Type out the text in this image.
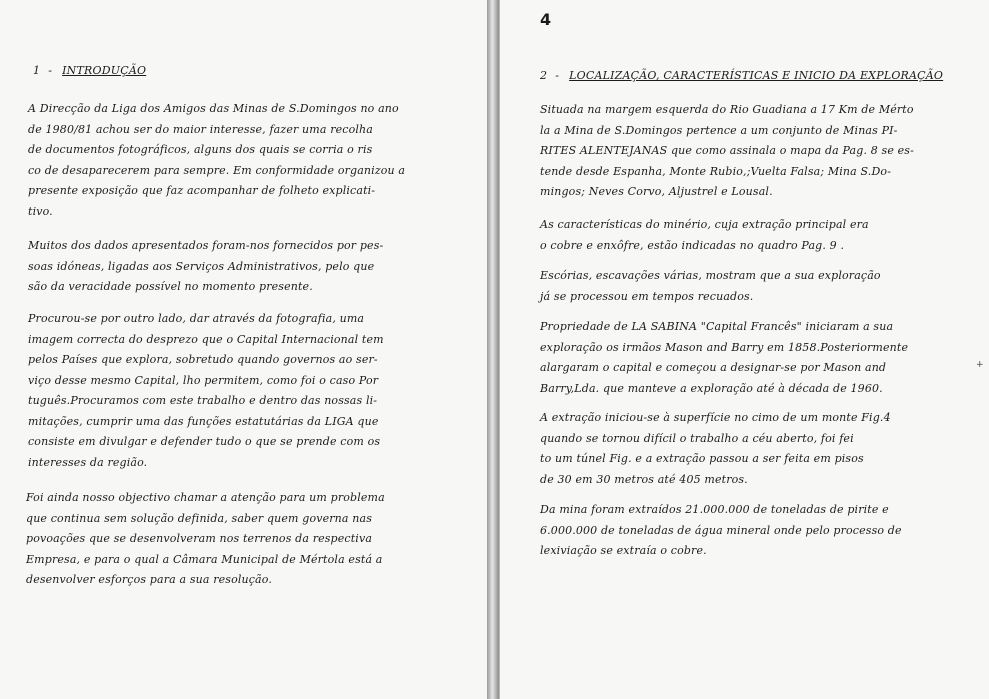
1 - INTRODUÇÃO
A Direcção da Liga dos Amigos das Minas de S.Domingos no ano
de 1980/81 achou ser do maior interesse, fazer uma recolha
de documentos fotográficos, alguns dos quais se corria o ris
co de desaparecerem para sempre. Em conformidade organizou a
presente exposição que faz acompanhar de folheto explicati-
tivo.
Muitos dos dados apresentados foram-nos fornecidos por pes-
soas idóneas, ligadas aos Serviços Administrativos, pelo que
são da veracidade possível no momento presente.
Procurou-se por outro lado, dar através da fotografia, uma
imagem correcta do desprezo que o Capital Internacional tem
pelos Países que explora, sobretudo quando governos ao ser-
viço desse mesmo Capital, lho permitem, como foi o caso Por
tuguês.Procuramos com este trabalho e dentro das nossas li-
mitações, cumprir uma das funções estatutárias da LIGA que
consiste em divulgar e defender tudo o que se prende com os
interesses da região.
Foi ainda nosso objectivo chamar a atenção para um problema
que continua sem solução definida, saber quem governa nas
povoações que se desenvolveram nos terrenos da respectiva
Empresa, e para o qual a Câmara Municipal de Mértola está a
desenvolver esforços para a sua resolução.
4
2 - LOCALIZAÇÃO, CARACTERÍSTICAS E INICIO DA EXPLORAÇÃO
Situada na margem esquerda do Rio Guadiana a 17 Km de Mérto
la a Mina de S.Domingos pertence a um conjunto de Minas PI-
RITES ALENTEJANAS que como assinala o mapa da Pag. 8 se es-
tende desde Espanha, Monte Rubio,;Vuelta Falsa; Mina S.Do-
mingos; Neves Corvo, Aljustrel e Lousal.
As características do minério, cuja extração principal era
o cobre e enxôfre, estão indicadas no quadro Pag. 9 .
Escórias, escavações várias, mostram que a sua exploração
já se processou em tempos recuados.
Propriedade de LA SABINA "Capital Francês" iniciaram a sua
exploração os irmãos Mason and Barry em 1858.Posteriormente
alargaram o capital e começou a designar-se por Mason and
Barry,Lda. que manteve a exploração até à década de 1960.
A extração iniciou-se à superfície no cimo de um monte Fig.4
quando se tornou difícil o trabalho a céu aberto, foi fei
to um túnel Fig. e a extração passou a ser feita em pisos
de 30 em 30 metros até 405 metros.
Da mina foram extraídos 21.000.000 de toneladas de pirite e
6.000.000 de toneladas de água mineral onde pelo processo de
lexiviação se extraía o cobre.
+
